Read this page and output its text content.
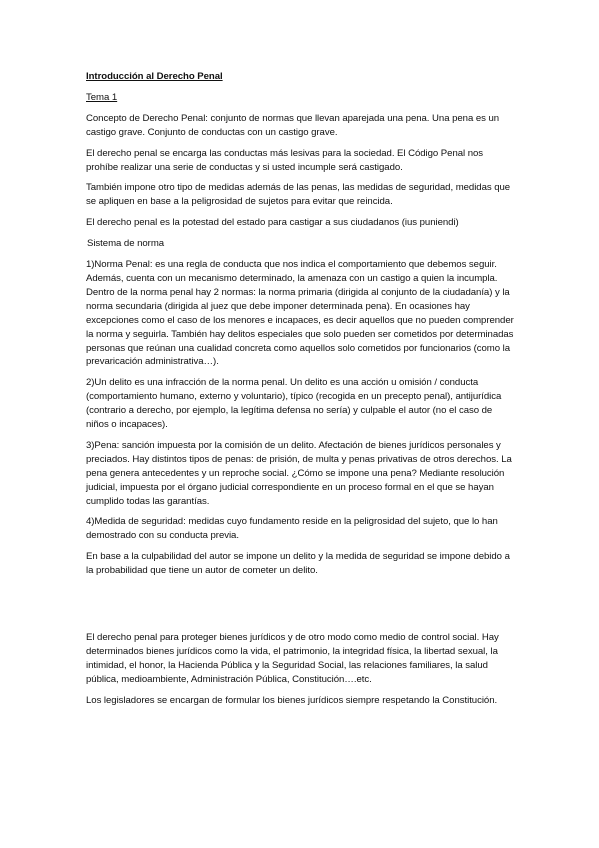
Introducción al Derecho Penal
Tema 1

Concepto de Derecho Penal: conjunto de normas que llevan aparejada una pena. Una pena es un castigo grave. Conjunto de conductas con un castigo grave.

El derecho penal se encarga las conductas más lesivas para la sociedad. El Código Penal nos prohíbe realizar una serie de conductas y si usted incumple será castigado.

También impone otro tipo de medidas además de las penas, las medidas de seguridad, medidas que se apliquen en base a la peligrosidad de sujetos para evitar que reincida.

El derecho penal es la potestad del estado para castigar a sus ciudadanos (ius puniendi)

Sistema de norma

1)Norma Penal: es una regla de conducta que nos indica el comportamiento que debemos seguir. Además, cuenta con un mecanismo determinado, la amenaza con un castigo a quien la incumpla. Dentro de la norma penal hay 2 normas: la norma primaria (dirigida al conjunto de la ciudadanía) y la norma secundaria (dirigida al juez que debe imponer determinada pena). En ocasiones hay excepciones como el caso de los menores e incapaces, es decir aquellos que no pueden comprender la norma y seguirla. También hay delitos especiales que solo pueden ser cometidos por determinadas personas que reúnan una cualidad concreta como aquellos solo cometidos por funcionarios (como la prevaricación administrativa…).

2)Un delito es una infracción de la norma penal. Un delito es una acción u omisión / conducta (comportamiento humano, externo y voluntario), típico (recogida en un precepto penal), antijurídica (contrario a derecho, por ejemplo, la legítima defensa no sería) y culpable el autor (no el caso de niños o incapaces).

3)Pena: sanción impuesta por la comisión de un delito. Afectación de bienes jurídicos personales y preciados. Hay distintos tipos de penas: de prisión, de multa y penas privativas de otros derechos. La pena genera antecedentes y un reproche social. ¿Cómo se impone una pena? Mediante resolución judicial, impuesta por el órgano judicial correspondiente en un proceso formal en el que se hayan cumplido todas las garantías.

4)Medida de seguridad: medidas cuyo fundamento reside en la peligrosidad del sujeto, que lo han demostrado con su conducta previa.

En base a la culpabilidad del autor se impone un delito y la medida de seguridad se impone debido a la probabilidad que tiene un autor de cometer un delito.

El derecho penal para proteger bienes jurídicos y de otro modo como medio de control social. Hay determinados bienes jurídicos como la vida, el patrimonio, la integridad física, la libertad sexual, la intimidad, el honor, la Hacienda Pública y la Seguridad Social, las relaciones familiares, la salud pública, medioambiente, Administración Pública, Constitución….etc.

Los legisladores se encargan de formular los bienes jurídicos siempre respetando la Constitución.
